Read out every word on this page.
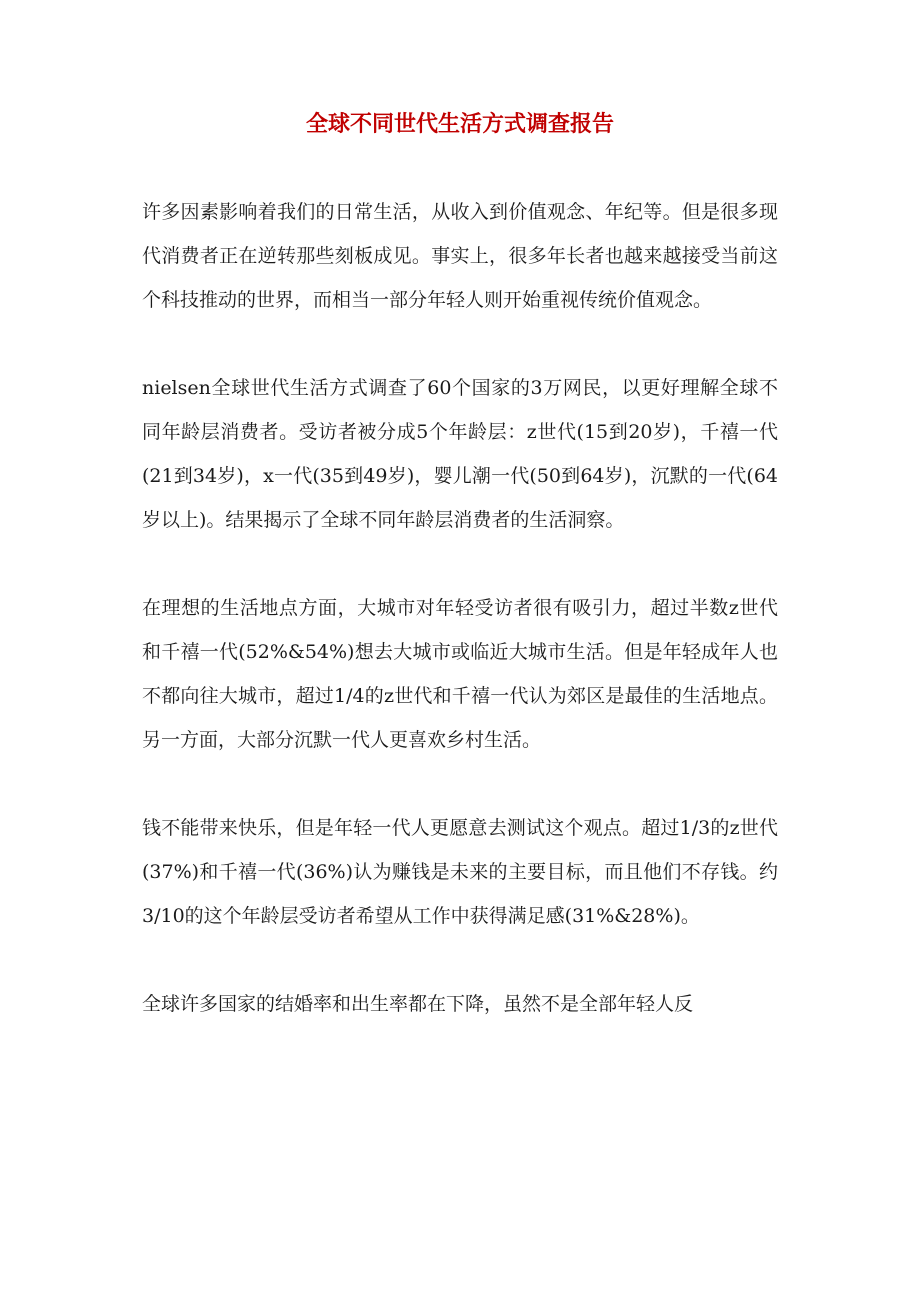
全球不同世代生活方式调查报告

许多因素影响着我们的日常生活，从收入到价值观念、年纪等。但是很多现代消费者正在逆转那些刻板成见。事实上，很多年长者也越来越接受当前这个科技推动的世界，而相当一部分年轻人则开始重视传统价值观念。

nielsen全球世代生活方式调查了60个国家的3万网民，以更好理解全球不同年龄层消费者。受访者被分成5个年龄层：z世代(15到20岁)，千禧一代(21到34岁)，x一代(35到49岁)，婴儿潮一代(50到64岁)，沉默的一代(64岁以上)。结果揭示了全球不同年龄层消费者的生活洞察。

在理想的生活地点方面，大城市对年轻受访者很有吸引力，超过半数z世代和千禧一代(52%&54%)想去大城市或临近大城市生活。但是年轻成年人也不都向往大城市，超过1/4的z世代和千禧一代认为郊区是最佳的生活地点。另一方面，大部分沉默一代人更喜欢乡村生活。

钱不能带来快乐，但是年轻一代人更愿意去测试这个观点。超过1/3的z世代(37%)和千禧一代(36%)认为赚钱是未来的主要目标，而且他们不存钱。约3/10的这个年龄层受访者希望从工作中获得满足感(31%&28%)。

全球许多国家的结婚率和出生率都在下降，虽然不是全部年轻人反
